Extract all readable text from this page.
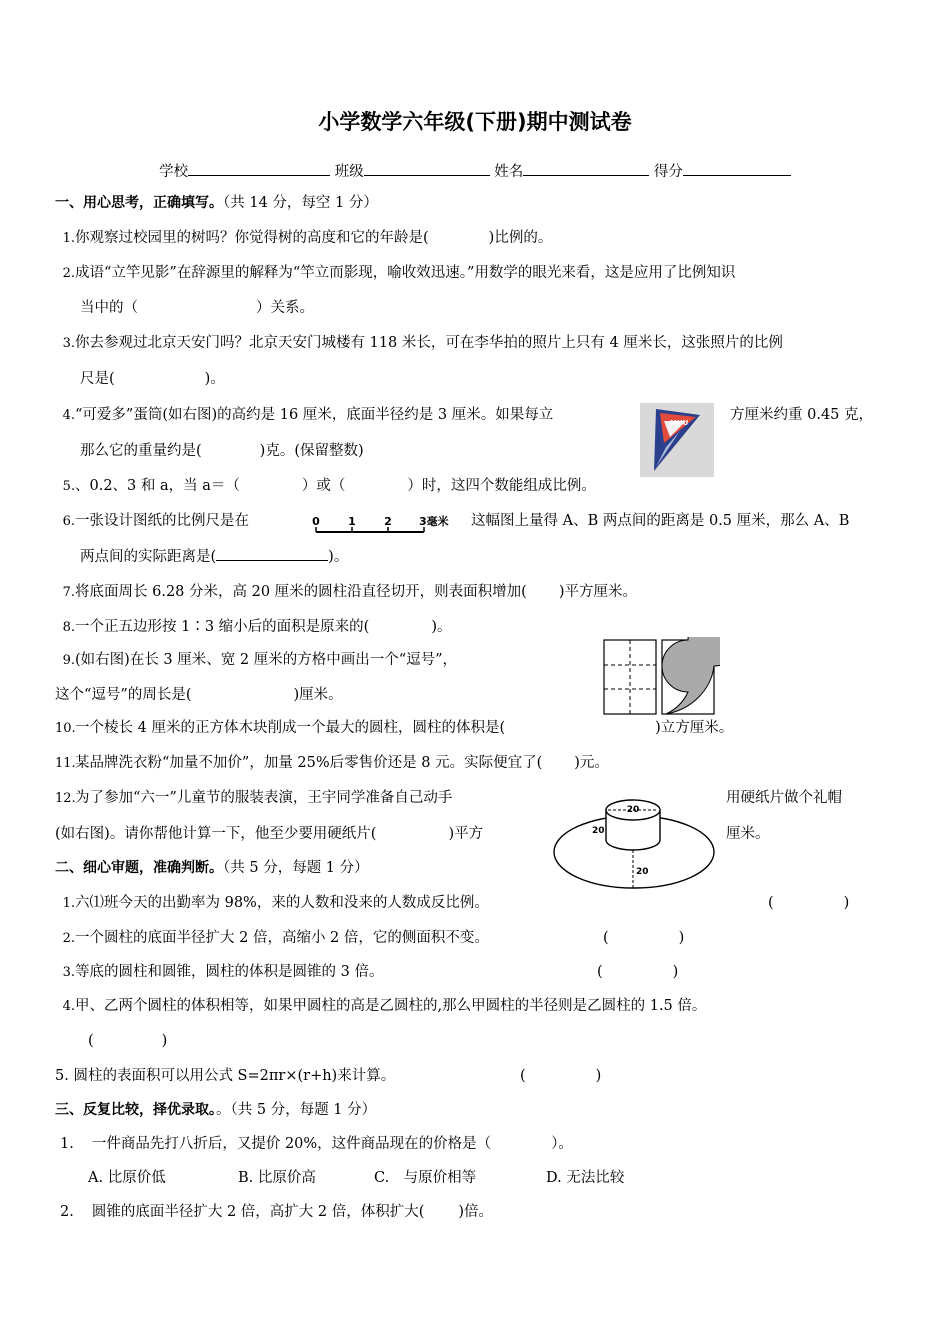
小学数学六年级(下册)期中测试卷
学校	班级	姓名	得分
一、用心思考，正确填写。（共 14 分，每空 1 分）
1.你观察过校园里的树吗？你觉得树的高度和它的年龄是(	)比例的。
2.成语“立竿见影”在辞源里的解释为“竿立而影现，喻收效迅速。”用数学的眼光来看，这是应用了比例知识
当中的（	）关系。
3.你去参观过北京天安门吗？北京天安门城楼有 118 米长，可在李华拍的照片上只有 4 厘米长，这张照片的比例
尺是(	)。
4.“可爱多”蛋筒(如右图)的高约是 16 厘米，底面半径约是 3 厘米。如果每立	方厘米约重 0.45 克，
那么它的重量约是(	)克。(保留整数)
MUU
5.、0.2、3 和 a，当 a＝（	）或（	）时，这四个数能组成比例。
6.一张设计图纸的比例尺是在	0	1	2 3毫米 这幅图上量得 A、B 两点间的距离是 0.5 厘米，那么 A、B
两点间的实际距离是(	)。
7.将底面周长 6.28 分米，高 20 厘米的圆柱沿直径切开，则表面积增加( )平方厘米。
8.一个正五边形按 1∶3 缩小后的面积是原来的(	)。
9.(如右图)在长 3 厘米、宽 2 厘米的方格中画出一个“逗号”，
这个“逗号”的周长是(	)厘米。
10.一个棱长 4 厘米的正方体木块削成一个最大的圆柱，圆柱的体积是(	)立方厘米。
11.某品牌洗衣粉“加量不加价”，加量 25%后零售价还是 8 元。实际便宜了( )元。
12.为了参加“六一”儿童节的服装表演，王宇同学准备自己动手	用硬纸片做个礼帽
(如右图)。请你帮他计算一下，他至少要用硬纸片(	)平方	厘米。
20
20
20
二、细心审题，准确判断。（共 5 分，每题 1 分）
1.六⑴班今天的出勤率为 98%，来的人数和没来的人数成反比例。	(	)
2.一个圆柱的底面半径扩大 2 倍，高缩小 2 倍，它的侧面积不变。	(	)
3.等底的圆柱和圆锥，圆柱的体积是圆锥的 3 倍。	(	)
4.甲、乙两个圆柱的体积相等，如果甲圆柱的高是乙圆柱的,那么甲圆柱的半径则是乙圆柱的 1.5 倍。
(	)
5. 圆柱的表面积可以用公式 S=2πr×(r+h)来计算。	(	)
三、反复比较，择优录取。。（共 5 分，每题 1 分）
1. 一件商品先打八折后，又提价 20%，这件商品现在的价格是（	）。
A. 比原价低	B. 比原价高	C.　与原价相等	D. 无法比较
2. 圆锥的底面半径扩大 2 倍，高扩大 2 倍，体积扩大( )倍。
